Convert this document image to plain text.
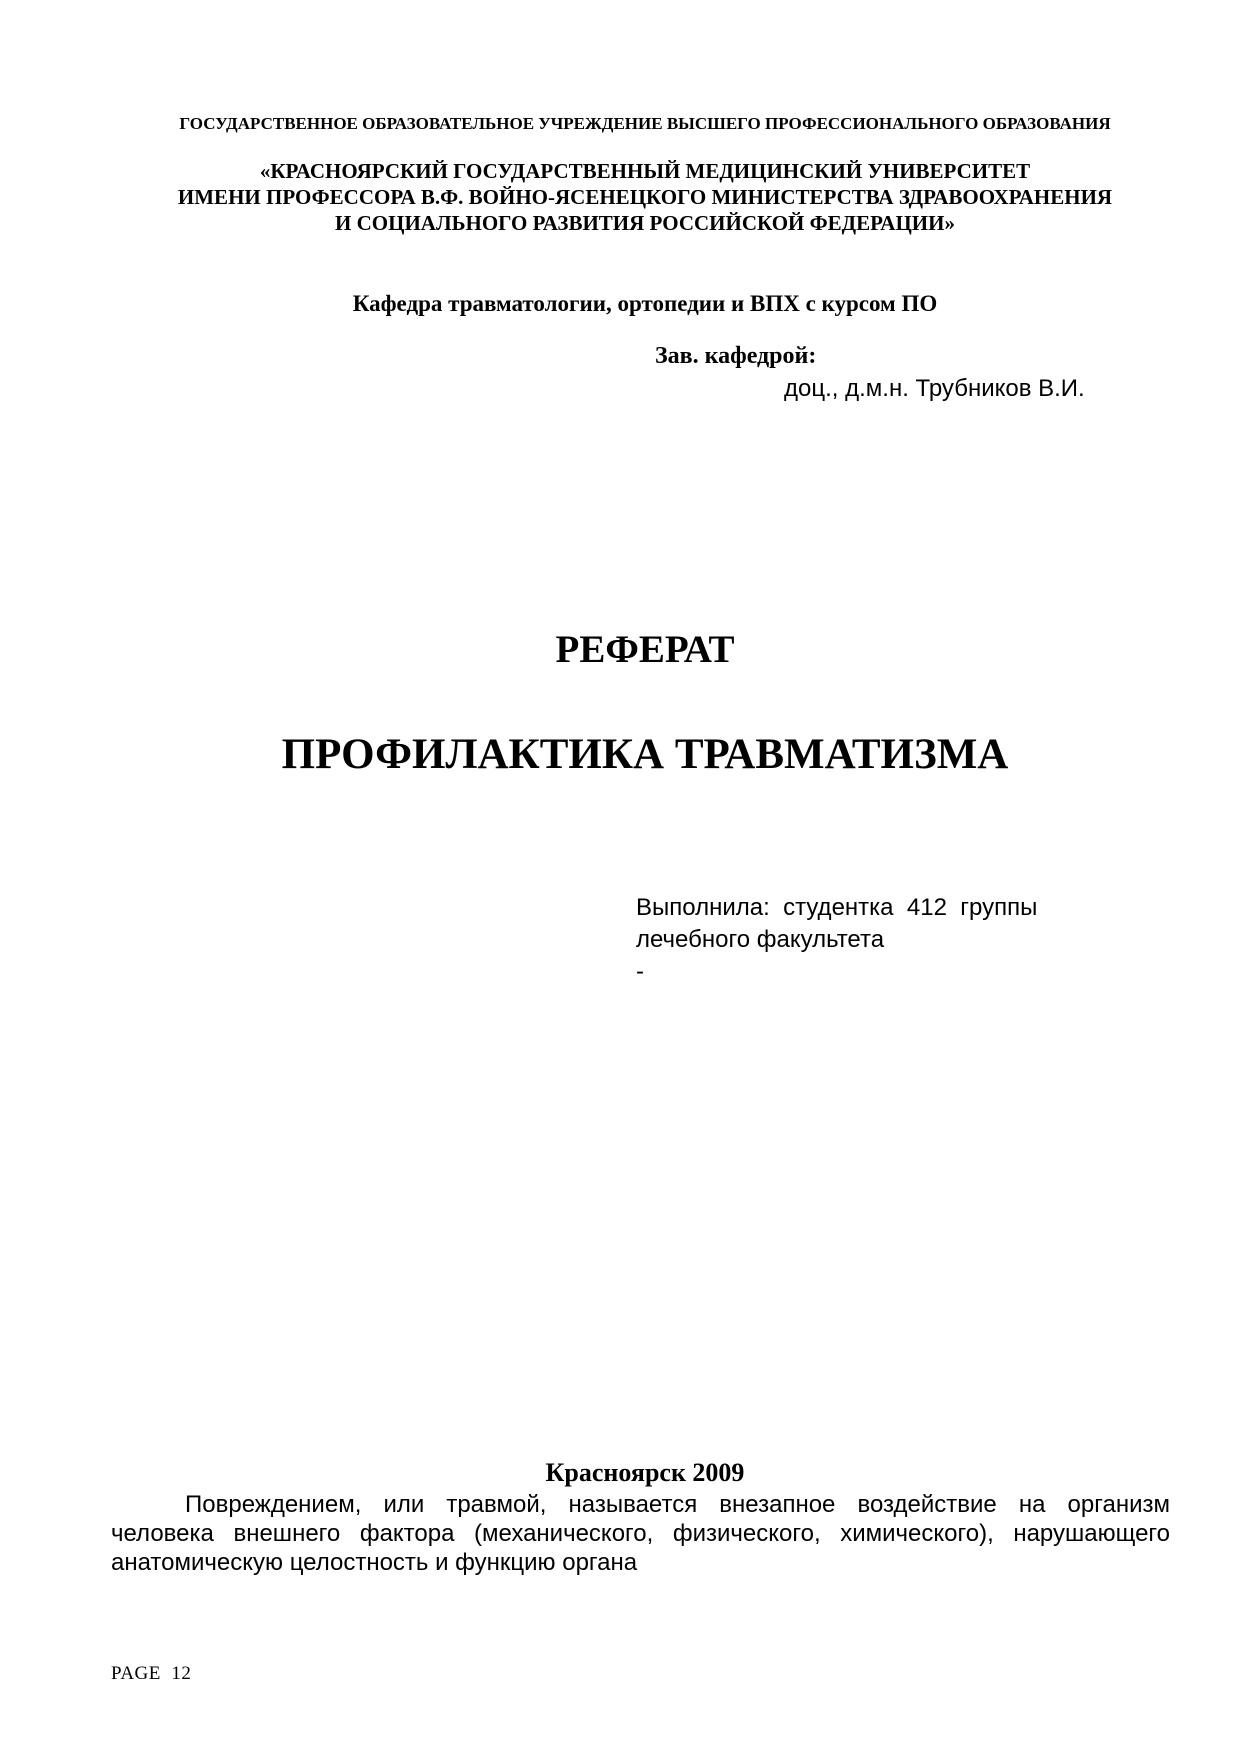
ГОСУДАРСТВЕННОЕ ОБРАЗОВАТЕЛЬНОЕ УЧРЕЖДЕНИЕ ВЫСШЕГО ПРОФЕССИОНАЛЬНОГО ОБРАЗОВАНИЯ
«КРАСНОЯРСКИЙ ГОСУДАРСТВЕННЫЙ МЕДИЦИНСКИЙ УНИВЕРСИТЕТ
ИМЕНИ ПРОФЕССОРА В.Ф. ВОЙНО-ЯСЕНЕЦКОГО МИНИСТЕРСТВА ЗДРАВООХРАНЕНИЯ
И СОЦИАЛЬНОГО РАЗВИТИЯ РОССИЙСКОЙ ФЕДЕРАЦИИ»
Кафедра травматологии, ортопедии и ВПХ с курсом ПО
Зав. кафедрой:
доц., д.м.н. Трубников В.И.
РЕФЕРАТ
ПРОФИЛАКТИКА ТРАВМАТИЗМА
Выполнила:  студентка  412  группы
лечебного факультета
-
Красноярск 2009
Повреждением, или травмой, называется внезапное воздействие на организм человека внешнего фактора (механического, физического, химического), нарушающего анатомическую целостность и функцию органа
PAGE  12
